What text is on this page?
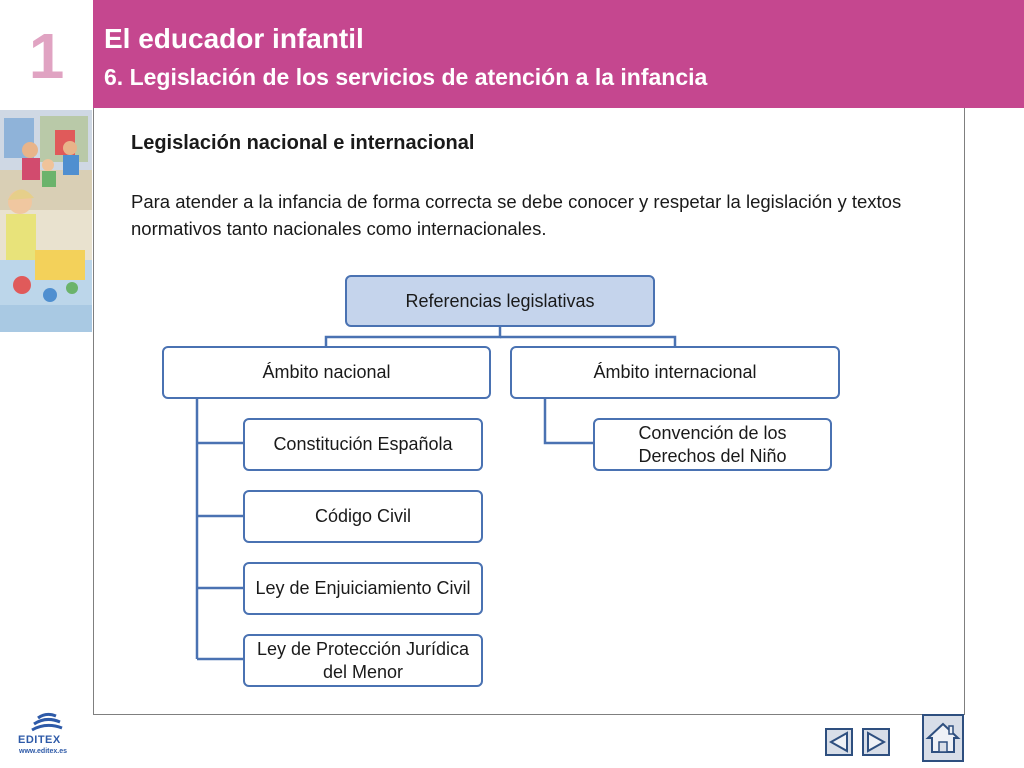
1	El educador infantil
6. Legislación de los servicios de atención a la infancia
Legislación nacional e internacional
Para atender a la infancia de forma correcta se debe conocer y respetar la legislación y textos normativos tanto nacionales como internacionales.
Referencias legislativas
Ámbito nacional	Ámbito internacional
Constitución Española
Código Civil
Ley de Enjuiciamiento Civil
Ley de Protección Jurídica del Menor
Convención de los Derechos del Niño
EDITEX
www.editex.es
